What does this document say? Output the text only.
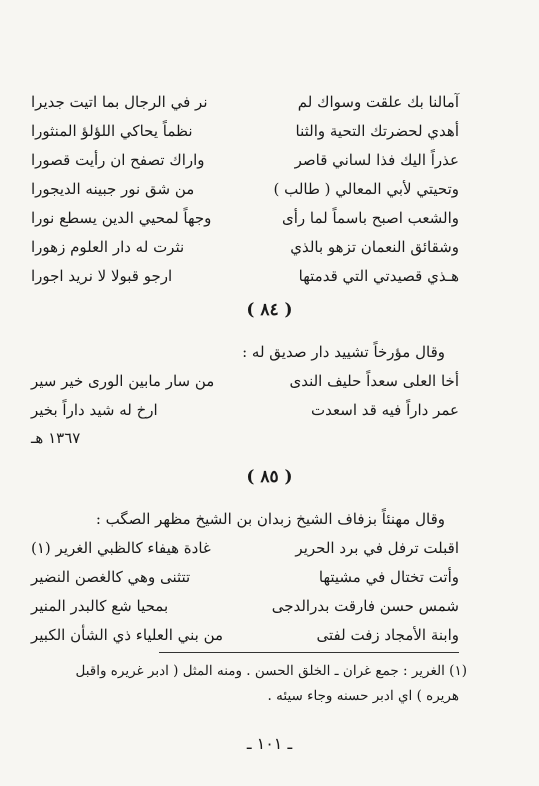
آمالنا بك علقت وسواك لم
نر في الرجال بما اتيت جديرا
أهدي لحضرتك التحية والثنا
نظماً يحاكي اللؤلؤ المنثورا
عذراً اليك فذا لساني قاصر
واراك تصفح ان رأيت قصورا
وتحيتي لأبي المعالي ( طالب )
من شق نور جبينه الديجورا
والشعب اصبح باسماً لما رأى
وجهاً لمحيي الدين يسطع نورا
وشقائق النعمان تزهو بالذي
نثرت له دار العلوم زهورا
هـذي قصيدتي التي قدمتها
ارجو قبولا لا نريد اجورا
( ٨٤ )
وقال مؤرخاً تشييد دار صديق له :
أخا العلى سعداً حليف الندى
من سار مابين الورى خير سير
عمر داراً فيه قد اسعدت
ارخ له شيد داراً بخير
١٣٦٧ هـ
( ٨٥ )
وقال مهنئاً بزفاف الشيخ زبدان بن الشيخ مظهر الصگب :
اقبلت ترفل في برد الحرير
غادة هيفاء كالظبي الغرير (١)
وأتت تختال في مشيتها
تتثنى وهي كالغصن النضير
شمس حسن فارقت بدرالدجى
بمحيا شع كالبدر المنير
وابنة الأمجاد زفت لفتى
من بني العلياء ذي الشأن الكبير
(١) الغرير : جمع غران ـ الخلق الحسن . ومنه المثل ( ادبر غريره واقبل
هريره ) اي ادبر حسنه وجاء سيئه .
ـ ١٠١ ـ
